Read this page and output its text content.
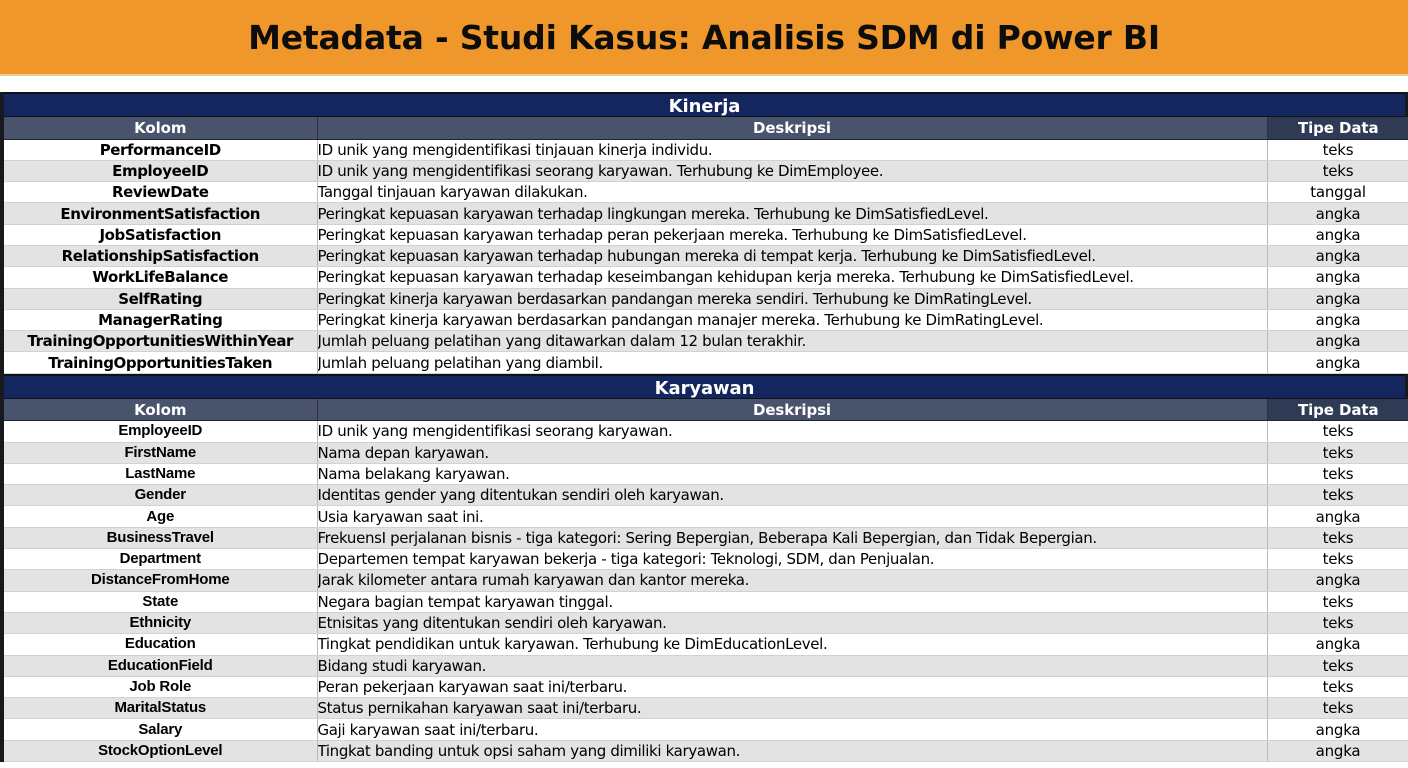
Metadata - Studi Kasus: Analisis SDM di Power BI
Kinerja
Kolom	Deskripsi	Tipe Data
PerformanceID	ID unik yang mengidentifikasi tinjauan kinerja individu.	teks
EmployeeID	ID unik yang mengidentifikasi seorang karyawan. Terhubung ke DimEmployee.	teks
ReviewDate	Tanggal tinjauan karyawan dilakukan.	tanggal
EnvironmentSatisfaction	Peringkat kepuasan karyawan terhadap lingkungan mereka. Terhubung ke DimSatisfiedLevel.	angka
JobSatisfaction	Peringkat kepuasan karyawan terhadap peran pekerjaan mereka. Terhubung ke DimSatisfiedLevel.	angka
RelationshipSatisfaction	Peringkat kepuasan karyawan terhadap hubungan mereka di tempat kerja. Terhubung ke DimSatisfiedLevel.	angka
WorkLifeBalance	Peringkat kepuasan karyawan terhadap keseimbangan kehidupan kerja mereka. Terhubung ke DimSatisfiedLevel.	angka
SelfRating	Peringkat kinerja karyawan berdasarkan pandangan mereka sendiri. Terhubung ke DimRatingLevel.	angka
ManagerRating	Peringkat kinerja karyawan berdasarkan pandangan manajer mereka. Terhubung ke DimRatingLevel.	angka
TrainingOpportunitiesWithinYear	Jumlah peluang pelatihan yang ditawarkan dalam 12 bulan terakhir.	angka
TrainingOpportunitiesTaken	Jumlah peluang pelatihan yang diambil.	angka
Karyawan
Kolom	Deskripsi	Tipe Data
EmployeeID	ID unik yang mengidentifikasi seorang karyawan.	teks
FirstName	Nama depan karyawan.	teks
LastName	Nama belakang karyawan.	teks
Gender	Identitas gender yang ditentukan sendiri oleh karyawan.	teks
Age	Usia karyawan saat ini.	angka
BusinessTravel	FrekuensI perjalanan bisnis - tiga kategori: Sering Bepergian, Beberapa Kali Bepergian, dan Tidak Bepergian.	teks
Department	Departemen tempat karyawan bekerja - tiga kategori: Teknologi, SDM, dan Penjualan.	teks
DistanceFromHome	Jarak kilometer antara rumah karyawan dan kantor mereka.	angka
State	Negara bagian tempat karyawan tinggal.	teks
Ethnicity	Etnisitas yang ditentukan sendiri oleh karyawan.	teks
Education	Tingkat pendidikan untuk karyawan. Terhubung ke DimEducationLevel.	angka
EducationField	Bidang studi karyawan.	teks
Job Role	Peran pekerjaan karyawan saat ini/terbaru.	teks
MaritalStatus	Status pernikahan karyawan saat ini/terbaru.	teks
Salary	Gaji karyawan saat ini/terbaru.	angka
StockOptionLevel	Tingkat banding untuk opsi saham yang dimiliki karyawan.	angka
